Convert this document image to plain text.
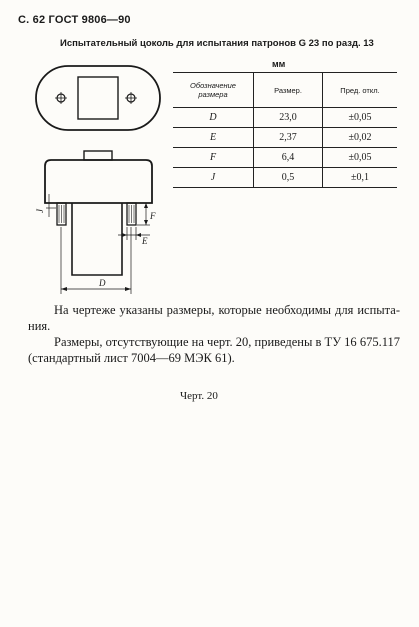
С. 62 ГОСТ 9806—90
Испытательный цоколь для испытания патронов G 23 по разд. 13
мм
J	F
E
D
Обозначение размера	Размер.	Пред. откл.
D	23,0	±0,05
E	2,37	±0,02
F	6,4	±0,05
J	0,5	±0,1

На чертеже указаны размеры, которые необходимы для испыта-ния.

Размеры, отсутствующие на черт. 20, приведены в ТУ 16 675.117 (стандартный лист 7004—69 МЭК 61).

Черт. 20
